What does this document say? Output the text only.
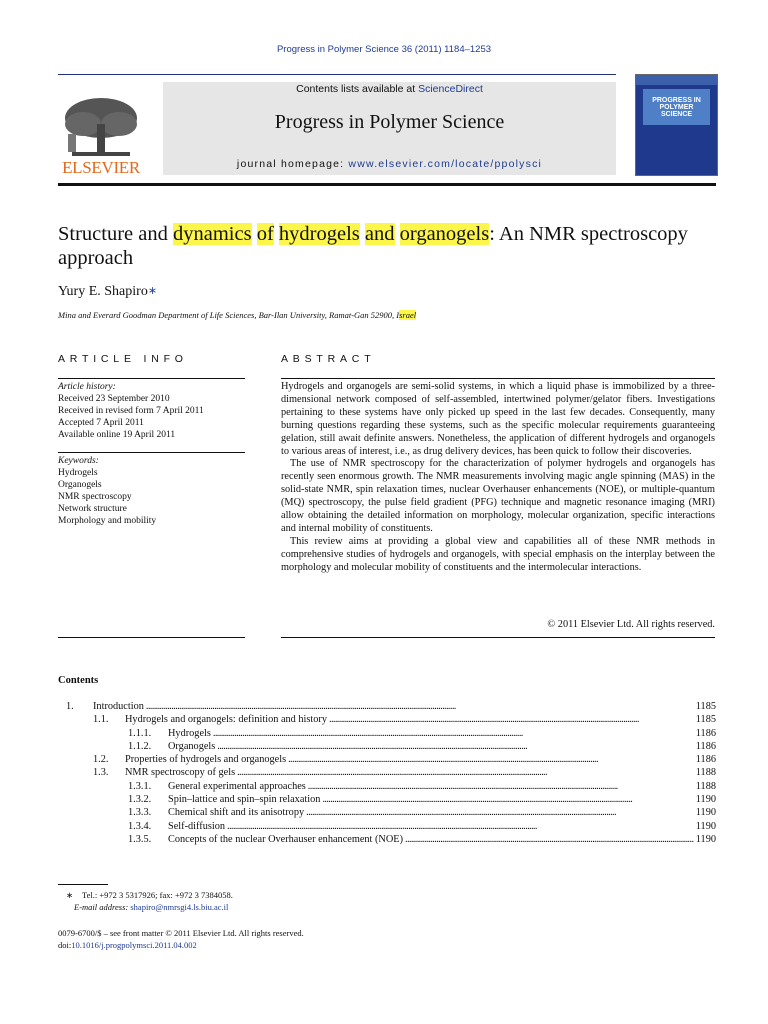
Progress in Polymer Science 36 (2011) 1184–1253
ELSEVIER
Contents lists available at ScienceDirect
Progress in Polymer Science
journal homepage: www.elsevier.com/locate/ppolysci
PROGRESS IN POLYMER SCIENCE
Structure and dynamics of hydrogels and organogels: An NMR spectroscopy approach
Yury E. Shapiro∗
Mina and Everard Goodman Department of Life Sciences, Bar-Ilan University, Ramat-Gan 52900, Israel
ARTICLE INFO
Article history:
Received 23 September 2010
Received in revised form 7 April 2011
Accepted 7 April 2011
Available online 19 April 2011
Keywords:
Hydrogels
Organogels
NMR spectroscopy
Network structure
Morphology and mobility
ABSTRACT

Hydrogels and organogels are semi-solid systems, in which a liquid phase is immobilized by a three-dimensional network composed of self-assembled, intertwined polymer/gelator fibers. Investigations pertaining to these systems have only picked up speed in the last few decades. Consequently, many burning questions regarding these systems, such as the specific molecular requirements guaranteeing gelation, still await definite answers. Nonetheless, the application of different hydrogels and organogels to various areas of interest, i.e., as drug delivery devices, has been quick to follow their discoveries.

The use of NMR spectroscopy for the characterization of polymer hydrogels and organogels has recently seen enormous growth. The NMR measurements involving magic angle spinning (MAS) in the solid-state NMR, spin relaxation times, nuclear Overhauser enhancements (NOE), or multiple-quantum (MQ) spectroscopy, the pulse field gradient (PFG) technique and magnetic resonance imaging (MRI) allow obtaining the detailed information on morphology, molecular organization, specific interactions and internal mobility of constituents.

This review aims at providing a global view and capabilities all of these NMR methods in comprehensive studies of hydrogels and organogels, with special emphasis on the interplay between the morphology and molecular mobility of constituents and the intermolecular interactions.

© 2011 Elsevier Ltd. All rights reserved.
Contents
1.	Introduction . . .	1185
1.1.	Hydrogels and organogels: definition and history . . .	1185
1.1.1.	Hydrogels . . .	1186
1.1.2.	Organogels . . .	1186
1.2.	Properties of hydrogels and organogels . . .	1186
1.3.	NMR spectroscopy of gels . . .	1188
1.3.1.	General experimental approaches . . .	1188
1.3.2.	Spin–lattice and spin–spin relaxation . . .	1190
1.3.3.	Chemical shift and its anisotropy . . .	1190
1.3.4.	Self-diffusion . . .	1190
1.3.5.	Concepts of the nuclear Overhauser enhancement (NOE) . . .	1190
∗ Tel.: +972 3 5317926; fax: +972 3 7384058.
E-mail address: shapiro@nmrsgi4.ls.biu.ac.il
0079-6700/$ – see front matter © 2011 Elsevier Ltd. All rights reserved.
doi:10.1016/j.progpolymsci.2011.04.002
